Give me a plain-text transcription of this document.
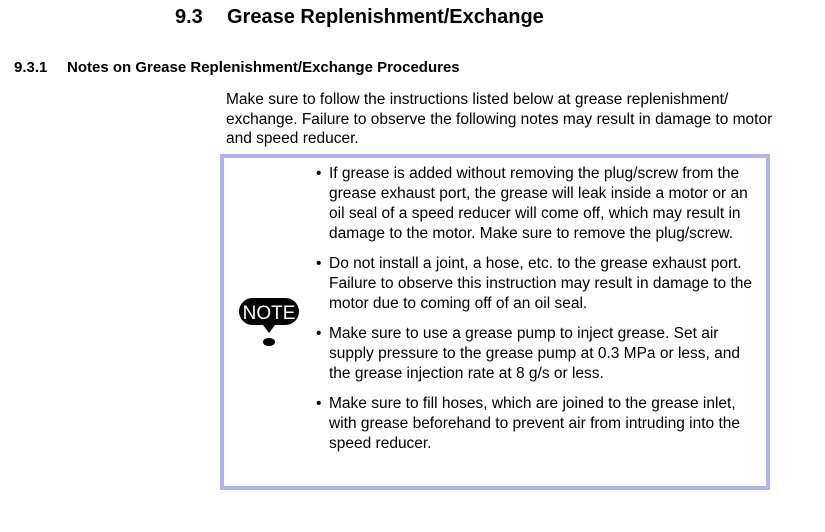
9.3 Grease Replenishment/Exchange
9.3.1 Notes on Grease Replenishment/Exchange Procedures
Make sure to follow the instructions listed below at grease replenishment/ exchange. Failure to observe the following notes may result in damage to motor and speed reducer.
NOTE
• If grease is added without removing the plug/screw from the grease exhaust port, the grease will leak inside a motor or an oil seal of a speed reducer will come off, which may result in damage to the motor. Make sure to remove the plug/screw.
• Do not install a joint, a hose, etc. to the grease exhaust port. Failure to observe this instruction may result in damage to the motor due to coming off of an oil seal.
• Make sure to use a grease pump to inject grease. Set air supply pressure to the grease pump at 0.3 MPa or less, and the grease injection rate at 8 g/s or less.
• Make sure to fill hoses, which are joined to the grease inlet, with grease beforehand to prevent air from intruding into the speed reducer.
